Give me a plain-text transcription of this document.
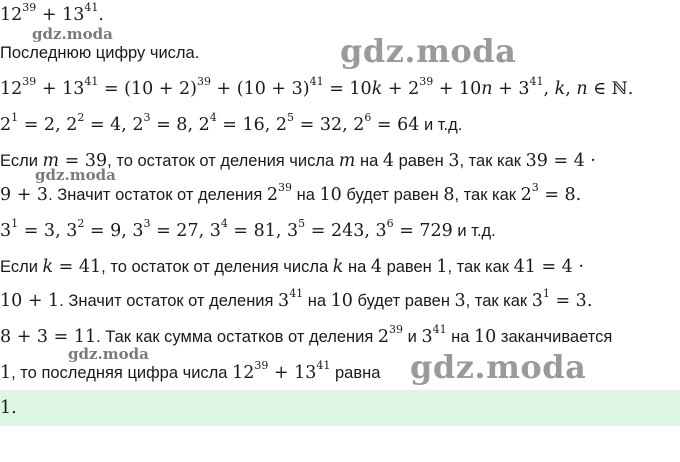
$12^{39} + 13^{41}$.
Последнюю цифру числа.
$12^{39} + 13^{41} = (10 + 2)^{39} + (10 + 3)^{41} = 10k + 2^{39} + 10n + 3^{41}$, k, n ∈ ℕ.
$2^1 = 2$, $2^2 = 4$, $2^3 = 8$, $2^4 = 16$, $2^5 = 32$, $2^6 = 64$ и т.д.
Если m = 39, то остаток от деления числа m на 4 равен 3, так как 39 = 4 ·
9 + 3. Значит остаток от деления $2^{39}$ на 10 будет равен 8, так как $2^3 = 8$.
$3^1 = 3$, $3^2 = 9$, $3^3 = 27$, $3^4 = 81$, $3^5 = 243$, $3^6 = 729$ и т.д.
Если k = 41, то остаток от деления числа k на 4 равен 1, так как 41 = 4 ·
10 + 1. Значит остаток от деления $3^{41}$ на 10 будет равен 3, так как $3^1 = 3$.
8 + 3 = 11. Так как сумма остатков от деления $2^{39}$ и $3^{41}$ на 10 заканчивается
1, то последняя цифра числа $12^{39} + 13^{41}$ равна
1.
gdz.moda	gdz.moda
gdz.moda
gdz.moda	gdz.moda
